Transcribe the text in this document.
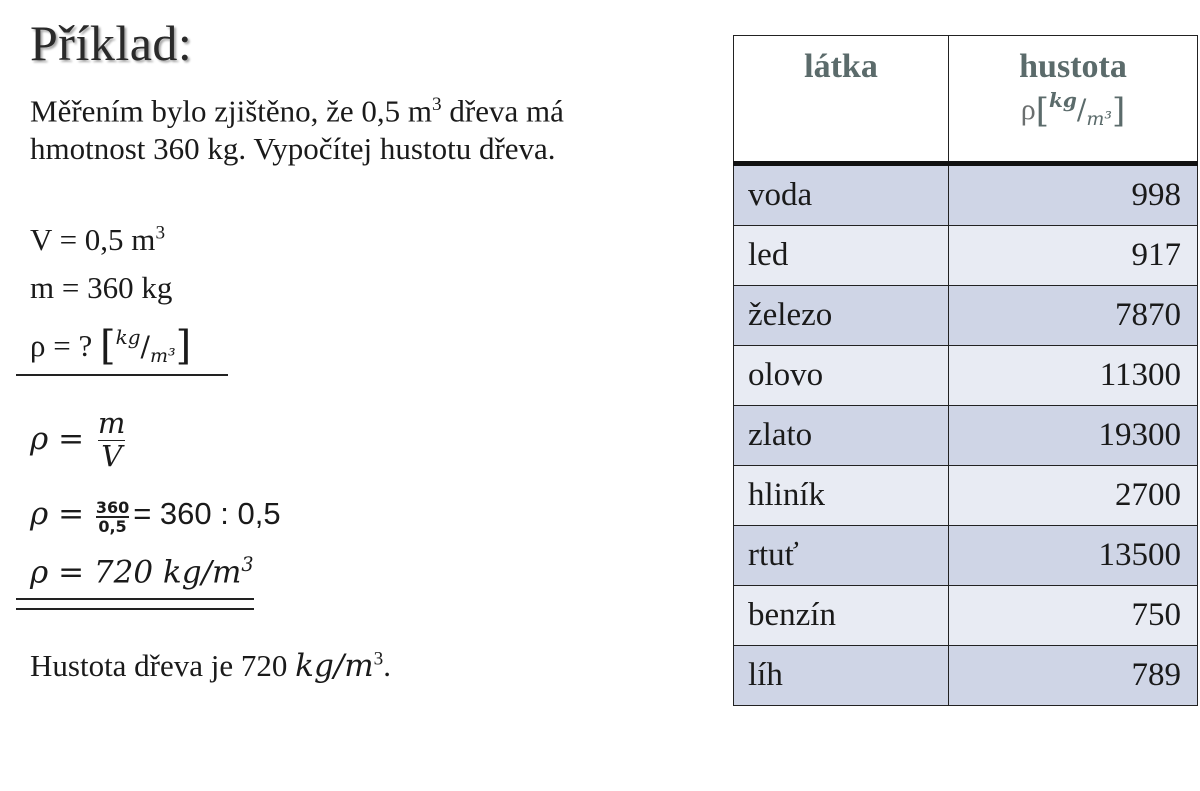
Příklad:
Měřením bylo zjištěno, že 0,5 $m^3$ dřeva má
hmotnost 360 kg. Vypočítej hustotu dřeva.
V = 0,5 $m^3$
m = 360 kg
ρ = ? [$^{kg}$/m³]
$\rho = \frac{m}{V}$
$\rho = \frac{360}{0,5} = 360$ : 0,5
ρ = 720 $kg/m^3$
Hustota dřeva je 720 $kg/m^3$.
látka	hustota
$\rho[^{kg}/_{m^3}]$

voda	998
led	917
železo	7870
olovo	11300
zlato	19300
hliník	2700
rtuť	13500
benzín	750
líh	789
